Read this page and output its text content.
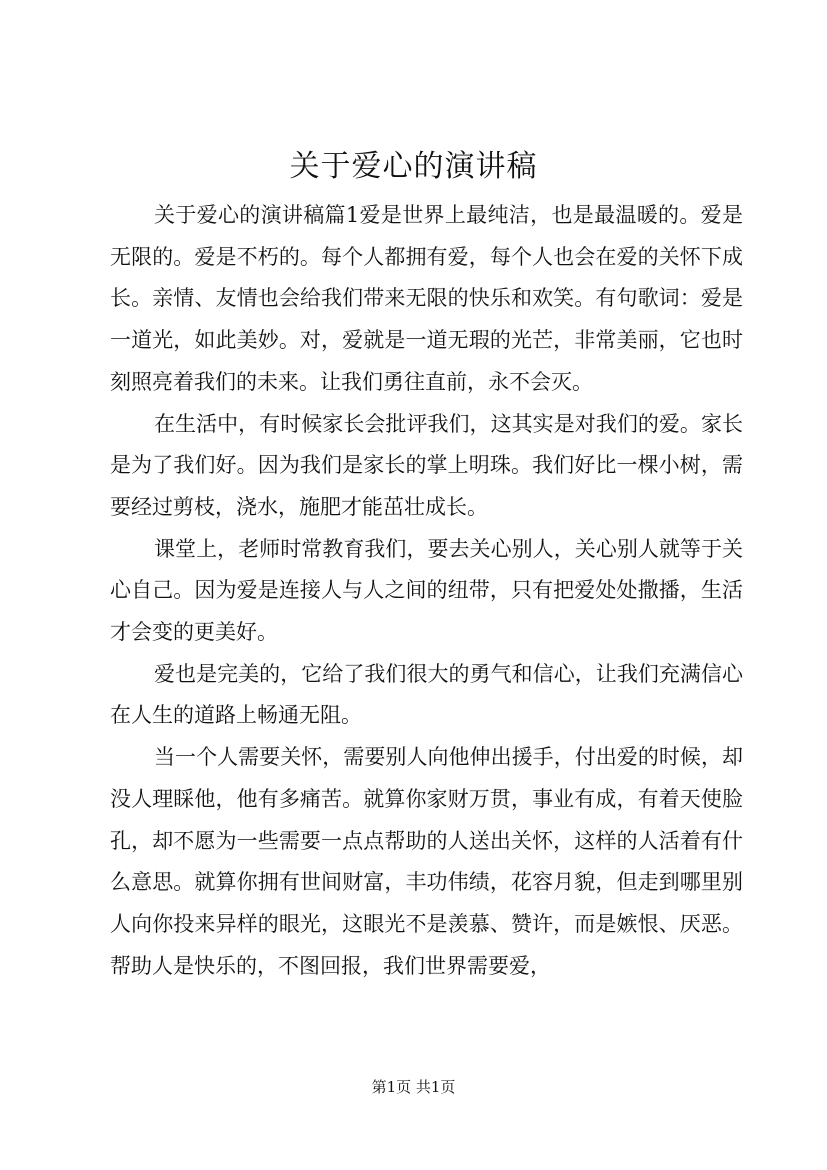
关于爱心的演讲稿

关于爱心的演讲稿篇1爱是世界上最纯洁，也是最温暖的。爱是无限的。爱是不朽的。每个人都拥有爱，每个人也会在爱的关怀下成长。亲情、友情也会给我们带来无限的快乐和欢笑。有句歌词：爱是一道光，如此美妙。对，爱就是一道无瑕的光芒，非常美丽，它也时刻照亮着我们的未来。让我们勇往直前，永不会灭。

在生活中，有时候家长会批评我们，这其实是对我们的爱。家长是为了我们好。因为我们是家长的掌上明珠。我们好比一棵小树，需要经过剪枝，浇水，施肥才能茁壮成长。

课堂上，老师时常教育我们，要去关心别人，关心别人就等于关心自己。因为爱是连接人与人之间的纽带，只有把爱处处撒播，生活才会变的更美好。

爱也是完美的，它给了我们很大的勇气和信心，让我们充满信心在人生的道路上畅通无阻。

当一个人需要关怀，需要别人向他伸出援手，付出爱的时候，却没人理睬他，他有多痛苦。就算你家财万贯，事业有成，有着天使脸孔，却不愿为一些需要一点点帮助的人送出关怀，这样的人活着有什么意思。就算你拥有世间财富，丰功伟绩，花容月貌，但走到哪里别人向你投来异样的眼光，这眼光不是羡慕、赞许，而是嫉恨、厌恶。帮助人是快乐的，不图回报，我们世界需要爱，

第1页 共1页
